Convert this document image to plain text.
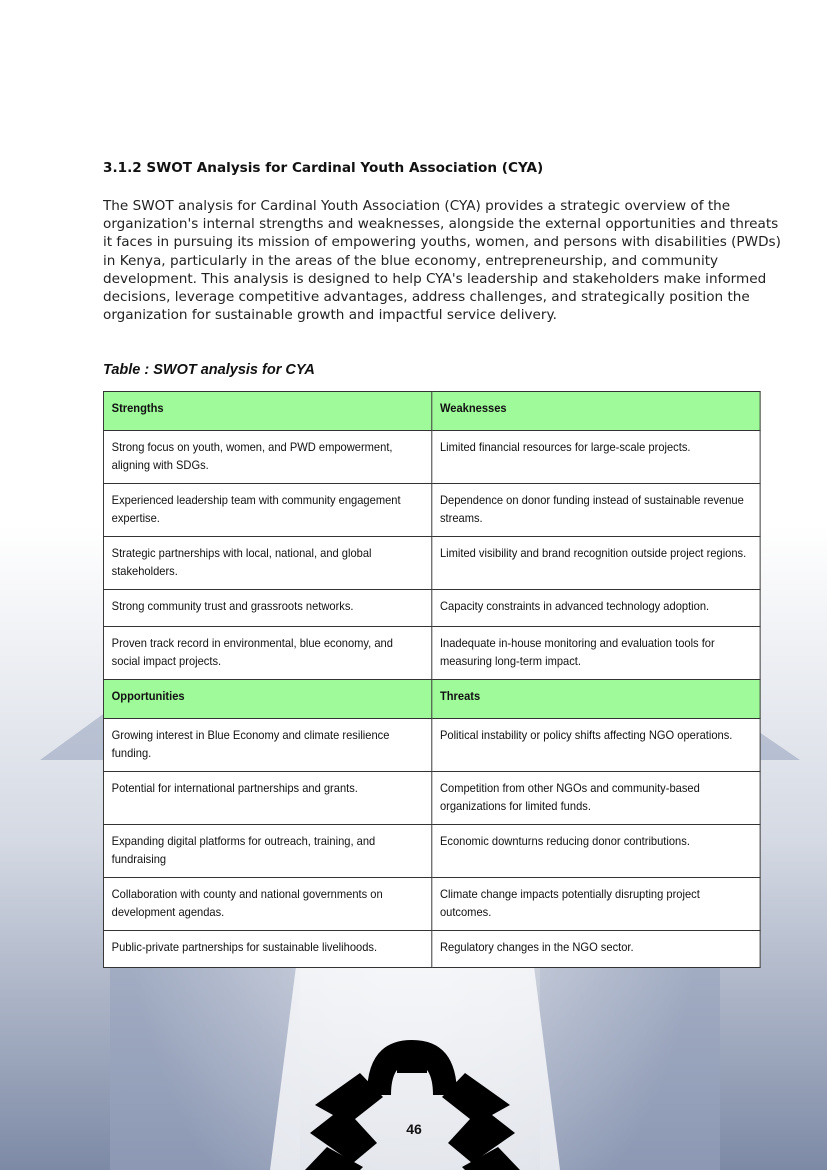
3.1.2 SWOT Analysis for Cardinal Youth Association (CYA)

The SWOT analysis for Cardinal Youth Association (CYA) provides a strategic overview of the organization's internal strengths and weaknesses, alongside the external opportunities and threats it faces in pursuing its mission of empowering youths, women, and persons with disabilities (PWDs) in Kenya, particularly in the areas of the blue economy, entrepreneurship, and community development. This analysis is designed to help CYA's leadership and stakeholders make informed decisions, leverage competitive advantages, address challenges, and strategically position the organization for sustainable growth and impactful service delivery.

Table : SWOT analysis for CYA

Strengths	Weaknesses
Strong focus on youth, women, and PWD empowerment, aligning with SDGs.	Limited financial resources for large-scale projects.
Experienced leadership team with community engagement expertise.	Dependence on donor funding instead of sustainable revenue streams.
Strategic partnerships with local, national, and global stakeholders.	Limited visibility and brand recognition outside project regions.
Strong community trust and grassroots networks.	Capacity constraints in advanced technology adoption.
Proven track record in environmental, blue economy, and social impact projects.	Inadequate in-house monitoring and evaluation tools for measuring long-term impact.
Opportunities	Threats
Growing interest in Blue Economy and climate resilience funding.	Political instability or policy shifts affecting NGO operations.
Potential for international partnerships and grants.	Competition from other NGOs and community-based organizations for limited funds.
Expanding digital platforms for outreach, training, and fundraising	Economic downturns reducing donor contributions.
Collaboration with county and national governments on development agendas.	Climate change impacts potentially disrupting project outcomes.
Public-private partnerships for sustainable livelihoods.	Regulatory changes in the NGO sector.

46
